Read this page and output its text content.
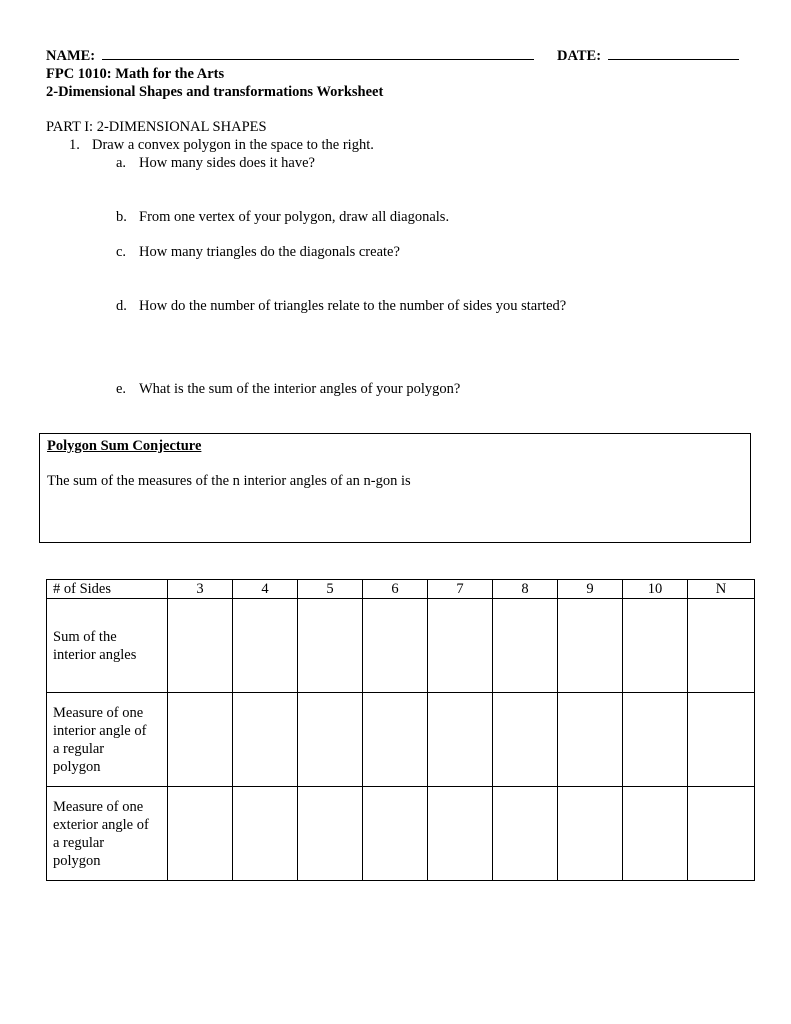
NAME:	DATE:
FPC 1010: Math for the Arts
2-Dimensional Shapes and transformations Worksheet
PART I: 2-DIMENSIONAL SHAPES
1. Draw a convex polygon in the space to the right.
a. How many sides does it have?
b. From one vertex of your polygon, draw all diagonals.
c. How many triangles do the diagonals create?
d. How do the number of triangles relate to the number of sides you started?
e. What is the sum of the interior angles of your polygon?
Polygon Sum Conjecture
The sum of the measures of the n interior angles of an n-gon is
# of Sides	3	4	5	6	7	8	9	10	N

Sum of the
interior angles									

Measure of one
interior angle of
a regular
polygon									

Measure of one
exterior angle of
a regular
polygon									
